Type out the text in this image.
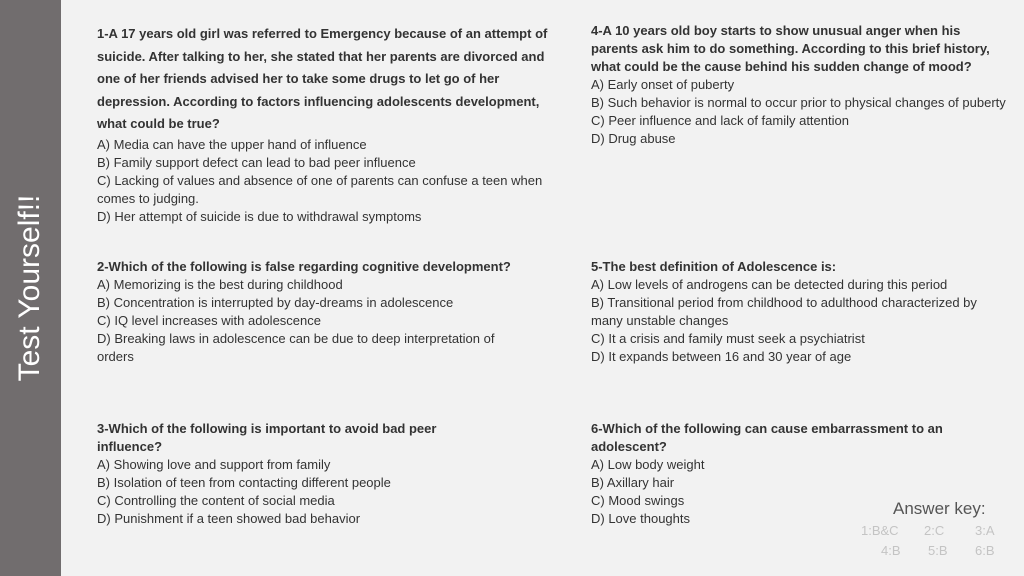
Test Yourself!!
1-A 17 years old girl was referred to Emergency because of an attempt of suicide. After talking to her, she stated that her parents are divorced and one of her friends advised her to take some drugs to let go of her depression. According to factors influencing adolescents development, what could be true?
A) Media can have the upper hand of influence
B) Family support defect can lead to bad peer influence
C) Lacking of values and absence of one of parents can confuse a teen when comes to judging.
D) Her attempt of suicide is due to withdrawal symptoms
2-Which of the following is false regarding cognitive development?
A) Memorizing is the best during childhood
B) Concentration is interrupted by day-dreams in adolescence
C) IQ level increases with adolescence
D) Breaking laws in adolescence can be due to deep interpretation of orders
3-Which of the following is important to avoid bad peer influence?
A) Showing love and support from family
B) Isolation of teen from contacting different people
C) Controlling the content of social media
D) Punishment if a teen showed bad behavior
4-A 10 years old boy starts to show unusual anger when his parents ask him to do something. According to this brief history, what could be the cause behind his sudden change of mood?
A) Early onset of puberty
B) Such behavior is normal to occur prior to physical changes of puberty
C) Peer influence and lack of family attention
D) Drug abuse
5-The best definition of Adolescence is:
A) Low levels of androgens can be detected during this period
B) Transitional period from childhood to adulthood characterized by many unstable changes
C) It a crisis and family must seek a psychiatrist
D) It expands between 16 and 30 year of age
6-Which of the following can cause embarrassment to an adolescent?
A) Low body weight
B) Axillary hair
C) Mood swings
D) Love thoughts
Answer key:
1:B&C	2:C	3:A
4:B	5:B	6:B
